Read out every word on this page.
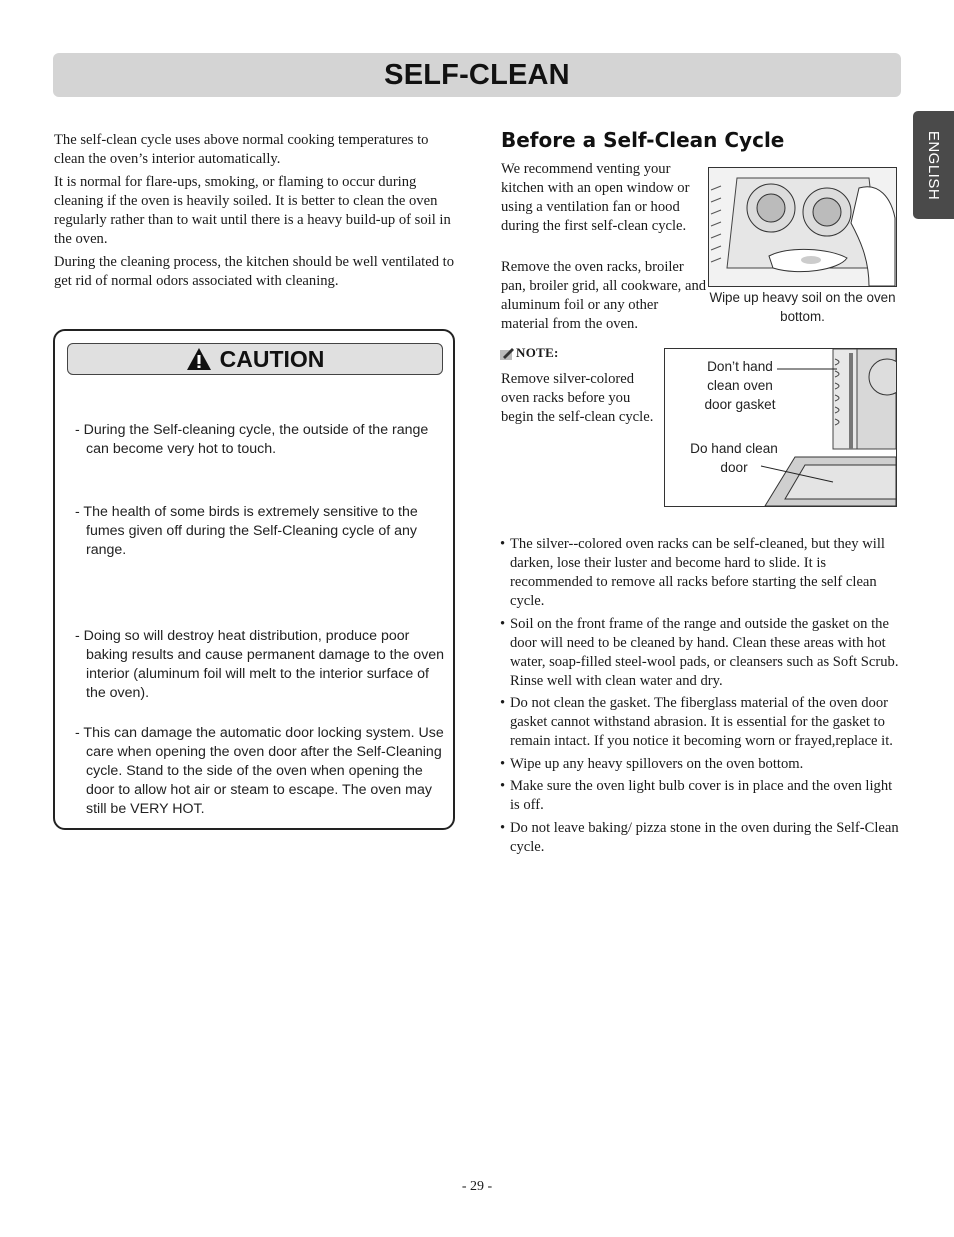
SELF-CLEAN
ENGLISH

The self-clean cycle uses above normal cooking temperatures to clean the oven’s interior automatically.

It is normal for flare-ups, smoking, or flaming to occur during cleaning if the oven is heavily soiled. It is better to clean the oven regularly rather than to wait until there is a heavy build-up of soil in the oven.

During the cleaning process, the kitchen should be well ventilated to get rid of normal odors associated with cleaning.

CAUTION
- During the Self-cleaning cycle, the outside of the range can become very hot to touch.
- The health of some birds is extremely sensitive to the fumes given off during the Self-Cleaning cycle of any range.
- Doing so will destroy heat distribution, produce poor baking results and cause permanent damage to the oven interior (aluminum foil will melt to the interior surface of the oven).
- This can damage the automatic door locking system. Use care when opening the oven door after the Self-Cleaning cycle. Stand to the side of the oven when opening the door to allow hot air or steam to escape. The oven may still be VERY HOT.
Before a Self-Clean Cycle

We recommend venting your kitchen with an open window or using a ventilation fan or hood during the first self-clean cycle.

Remove the oven racks, broiler pan, broiler grid, all cookware, and aluminum foil or any other material from the oven.

Wipe up heavy soil on the oven bottom.
NOTE:

Remove silver-colored oven racks before you begin the self-clean cycle.

Don’t hand clean oven door gasket
Do hand clean door
• The silver--colored oven racks can be self-cleaned, but they will darken, lose their luster and become hard to slide. It is recommended to remove all racks before starting the self clean cycle.
• Soil on the front frame of the range and outside the gasket on the door will need to be cleaned by hand. Clean these areas with hot water, soap-filled steel-wool pads, or cleansers such as Soft Scrub. Rinse well with clean water and dry.
• Do not clean the gasket. The fiberglass material of the oven door gasket cannot withstand abrasion. It is essential for the gasket to remain intact. If you notice it becoming worn or frayed,replace it.
• Wipe up any heavy spillovers on the oven bottom.
• Make sure the oven light bulb cover is in place and the oven light is off.
• Do not leave baking/ pizza stone in the oven during the Self-Clean cycle.
- 29 -
